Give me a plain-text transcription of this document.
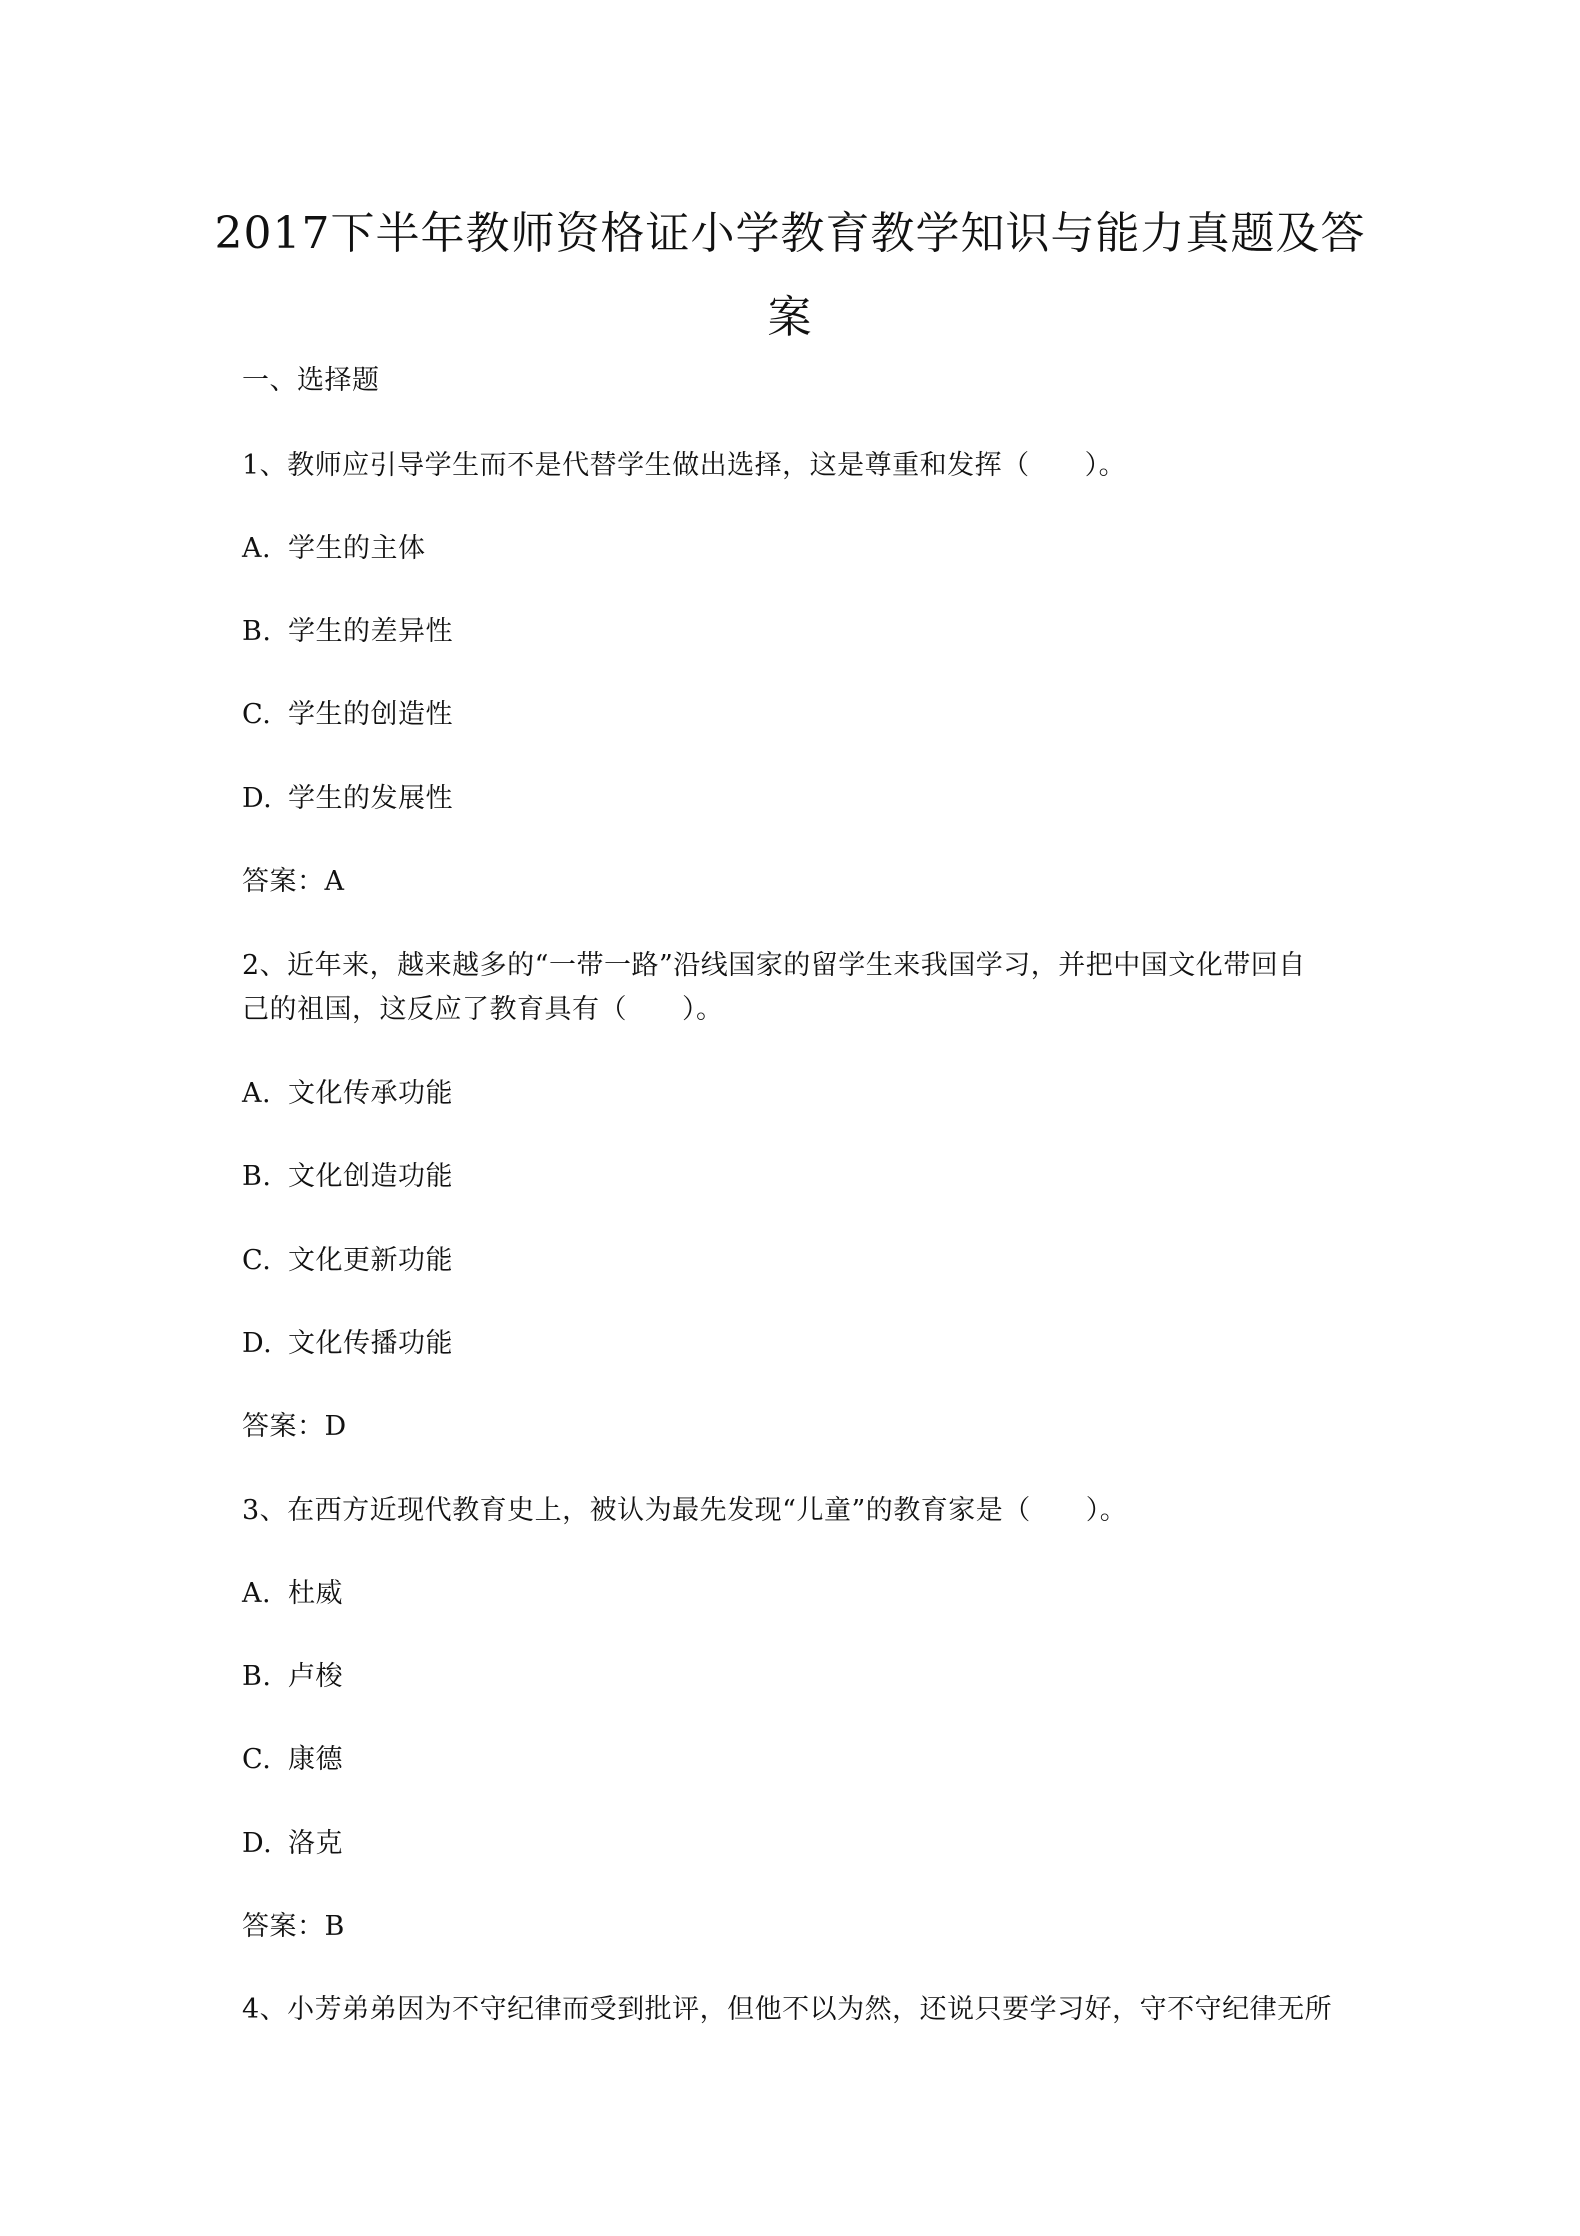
2017下半年教师资格证小学教育教学知识与能力真题及答
案
一、选择题
1、教师应引导学生而不是代替学生做出选择，这是尊重和发挥（　　）。
A. 学生的主体
B. 学生的差异性
C. 学生的创造性
D. 学生的发展性
答案：A
2、近年来，越来越多的“一带一路”沿线国家的留学生来我国学习，并把中国文化带回自
己的祖国，这反应了教育具有（　　）。
A. 文化传承功能
B. 文化创造功能
C. 文化更新功能
D. 文化传播功能
答案：D
3、在西方近现代教育史上，被认为最先发现“儿童”的教育家是（　　）。
A. 杜威
B. 卢梭
C. 康德
D. 洛克
答案：B
4、小芳弟弟因为不守纪律而受到批评，但他不以为然，还说只要学习好，守不守纪律无所
